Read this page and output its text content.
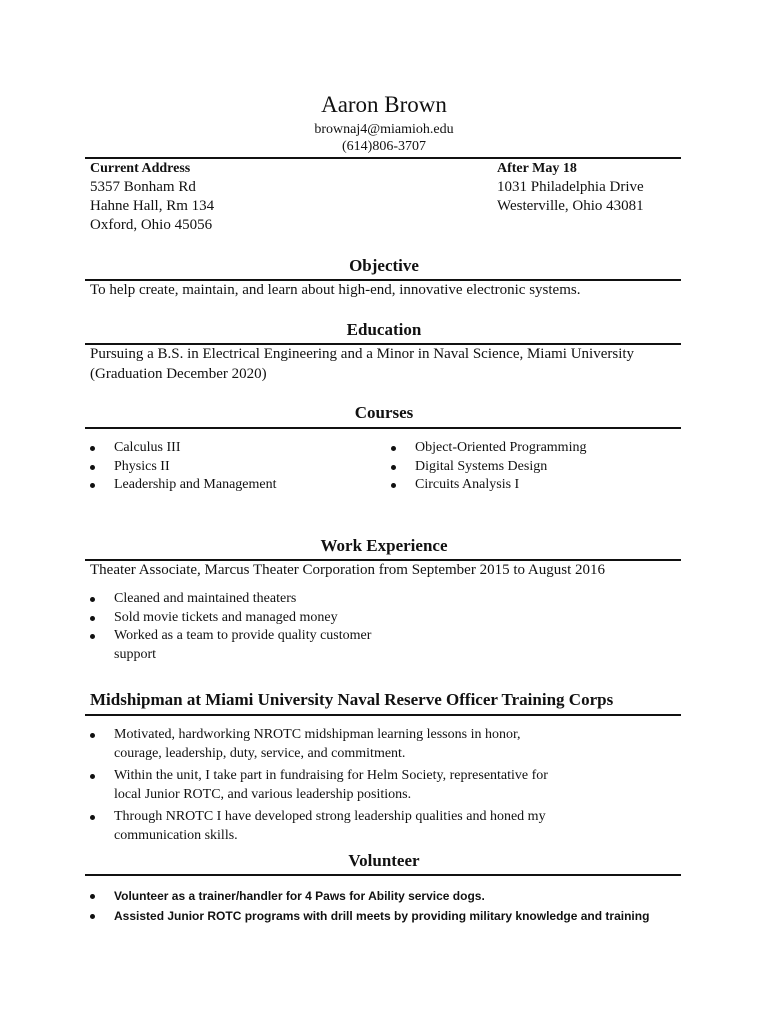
Aaron Brown
brownaj4@miamioh.edu
(614)806-3707
Current Address
5357 Bonham Rd
Hahne Hall, Rm 134
Oxford, Ohio 45056
After May 18
1031 Philadelphia Drive
Westerville, Ohio 43081
Objective
To help create, maintain, and learn about high-end, innovative electronic systems.
Education
Pursuing a B.S. in Electrical Engineering and a Minor in Naval Science, Miami University
(Graduation December 2020)
Courses
Calculus III
Physics II
Leadership and Management
Object-Oriented Programming
Digital Systems Design
Circuits Analysis I
Work Experience
Theater Associate, Marcus Theater Corporation from September 2015 to August 2016
Cleaned and maintained theaters
Sold movie tickets and managed money
Worked as a team to provide quality customer
support
Midshipman at Miami University Naval Reserve Officer Training Corps
Motivated, hardworking NROTC midshipman learning lessons in honor,
courage, leadership, duty, service, and commitment.
Within the unit, I take part in fundraising for Helm Society, representative for
local Junior ROTC, and various leadership positions.
Through NROTC I have developed strong leadership qualities and honed my
communication skills.
Volunteer
Volunteer as a trainer/handler for 4 Paws for Ability service dogs.
Assisted Junior ROTC programs with drill meets by providing military knowledge and training
